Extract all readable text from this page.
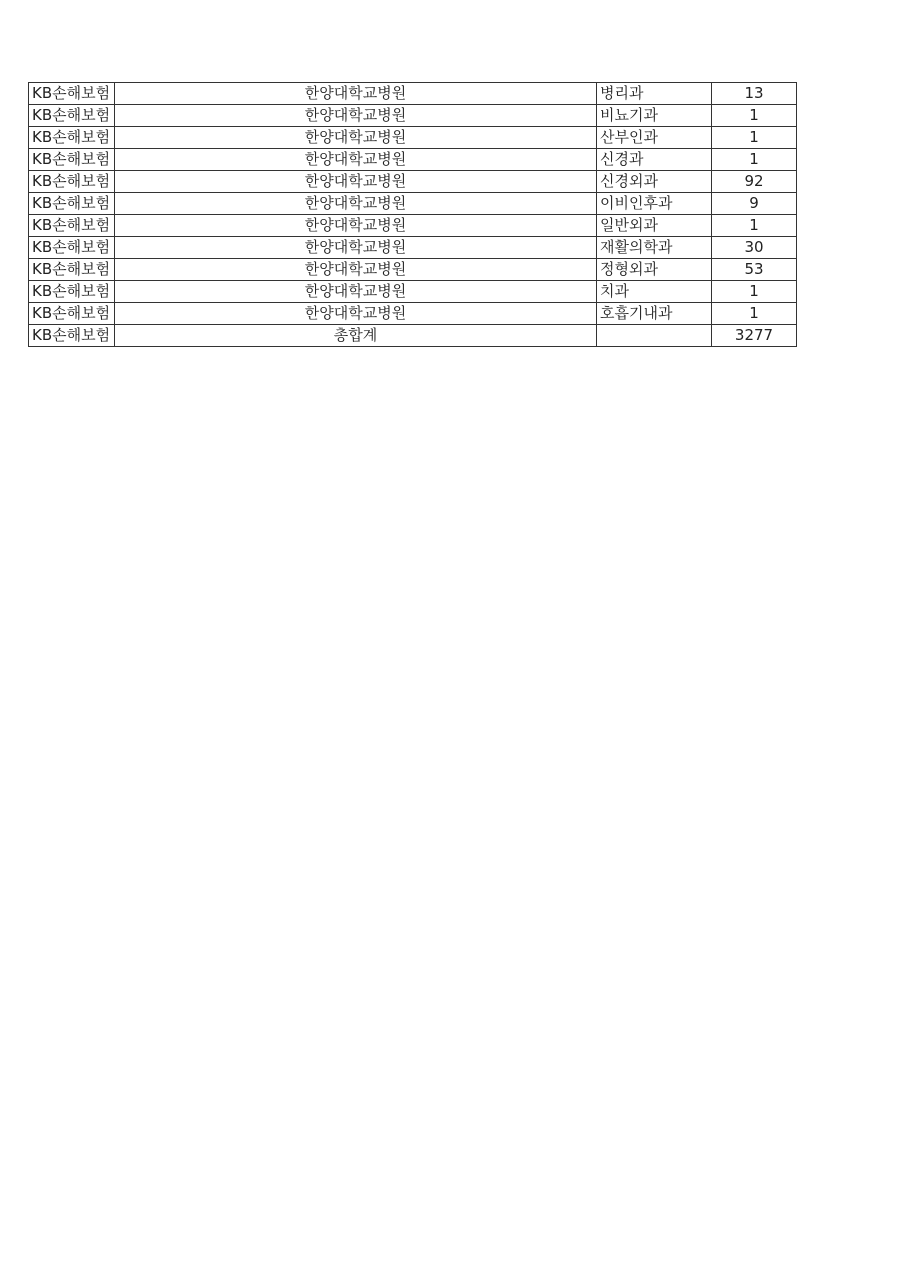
KB손해보험	한양대학교병원	병리과	13
KB손해보험	한양대학교병원	비뇨기과	1
KB손해보험	한양대학교병원	산부인과	1
KB손해보험	한양대학교병원	신경과	1
KB손해보험	한양대학교병원	신경외과	92
KB손해보험	한양대학교병원	이비인후과	9
KB손해보험	한양대학교병원	일반외과	1
KB손해보험	한양대학교병원	재활의학과	30
KB손해보험	한양대학교병원	정형외과	53
KB손해보험	한양대학교병원	치과	1
KB손해보험	한양대학교병원	호흡기내과	1
KB손해보험	총합계		3277
